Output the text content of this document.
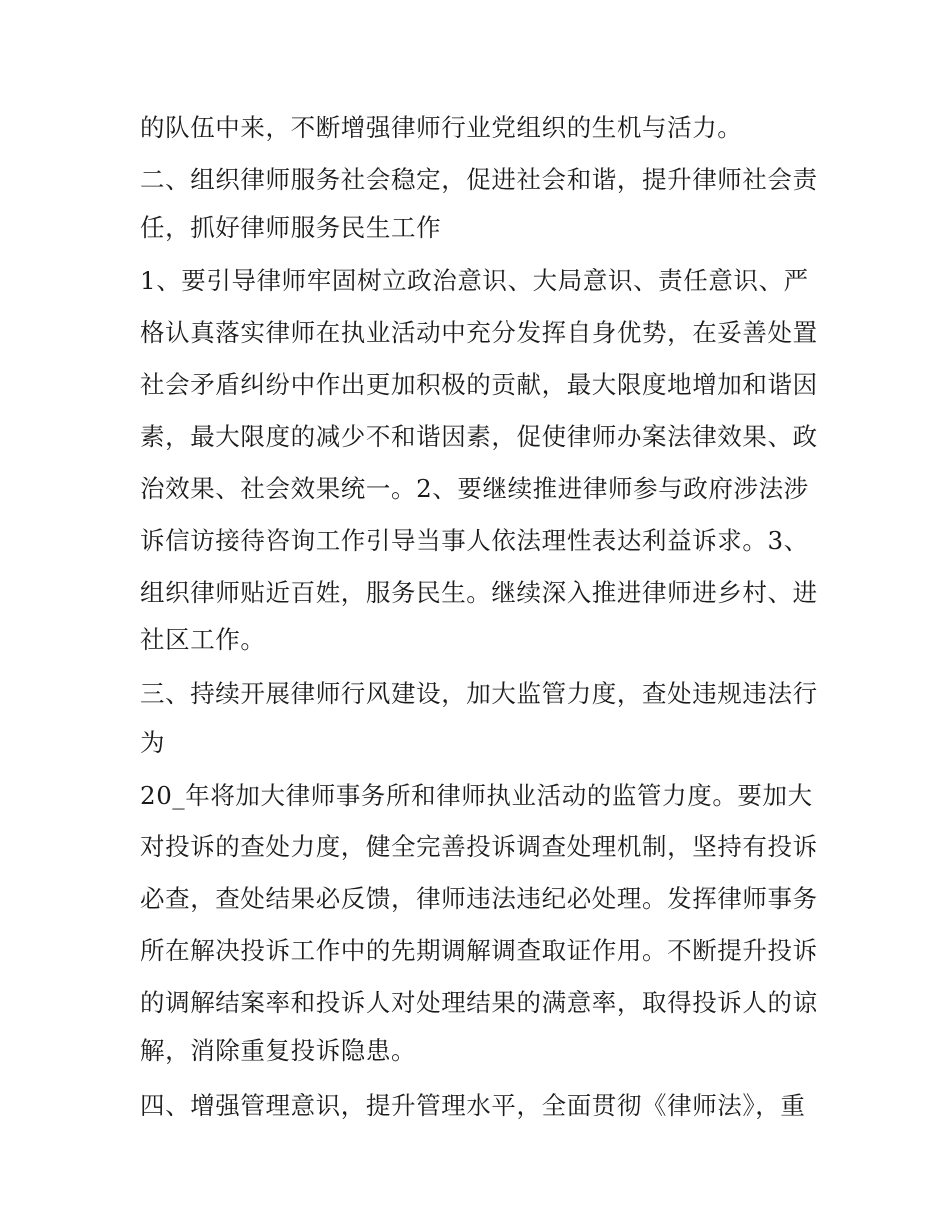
的队伍中来，不断增强律师行业党组织的生机与活力。
二、组织律师服务社会稳定，促进社会和谐，提升律师社会责
任，抓好律师服务民生工作
1、要引导律师牢固树立政治意识、大局意识、责任意识、严
格认真落实律师在执业活动中充分发挥自身优势，在妥善处置
社会矛盾纠纷中作出更加积极的贡献，最大限度地增加和谐因
素，最大限度的减少不和谐因素，促使律师办案法律效果、政
治效果、社会效果统一。2、要继续推进律师参与政府涉法涉
诉信访接待咨询工作引导当事人依法理性表达利益诉求。3、
组织律师贴近百姓，服务民生。继续深入推进律师进乡村、进
社区工作。
三、持续开展律师行风建设，加大监管力度，查处违规违法行
为
20_年将加大律师事务所和律师执业活动的监管力度。要加大
对投诉的查处力度，健全完善投诉调查处理机制，坚持有投诉
必查，查处结果必反馈，律师违法违纪必处理。发挥律师事务
所在解决投诉工作中的先期调解调查取证作用。不断提升投诉
的调解结案率和投诉人对处理结果的满意率，取得投诉人的谅
解，消除重复投诉隐患。
四、增强管理意识，提升管理水平，全面贯彻《律师法》，重
